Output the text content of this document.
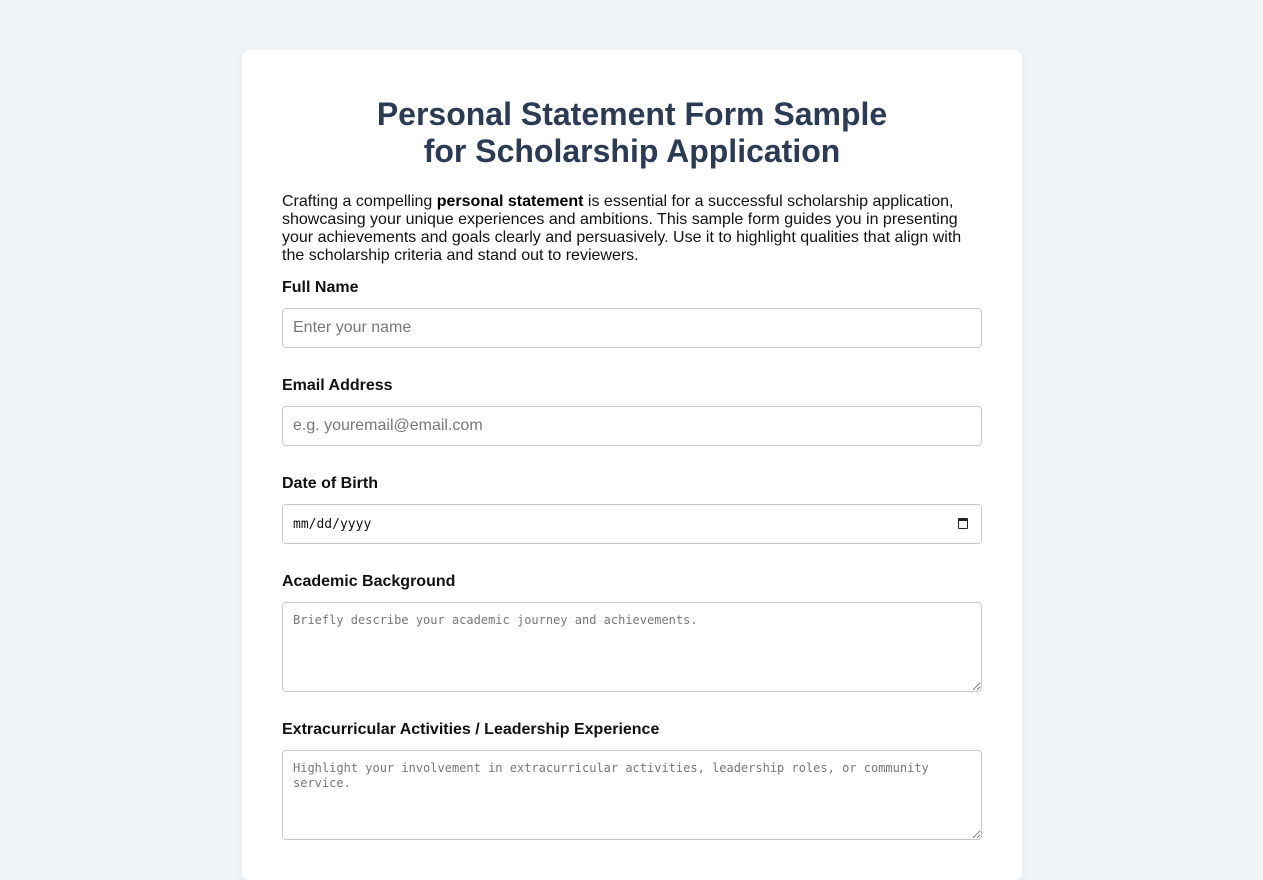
Personal Statement Form Sample
for Scholarship Application

Crafting a compelling personal statement is essential for a successful scholarship application, showcasing your unique experiences and ambitions. This sample form guides you in presenting your achievements and goals clearly and persuasively. Use it to highlight qualities that align with the scholarship criteria and stand out to reviewers.

Full Name
Enter your name
Email Address
e.g. youremail@email.com
Date of Birth
mm/dd/yyyy
Academic Background
Briefly describe your academic journey and achievements.
Extracurricular Activities / Leadership Experience
Highlight your involvement in extracurricular activities, leadership roles, or community service.
